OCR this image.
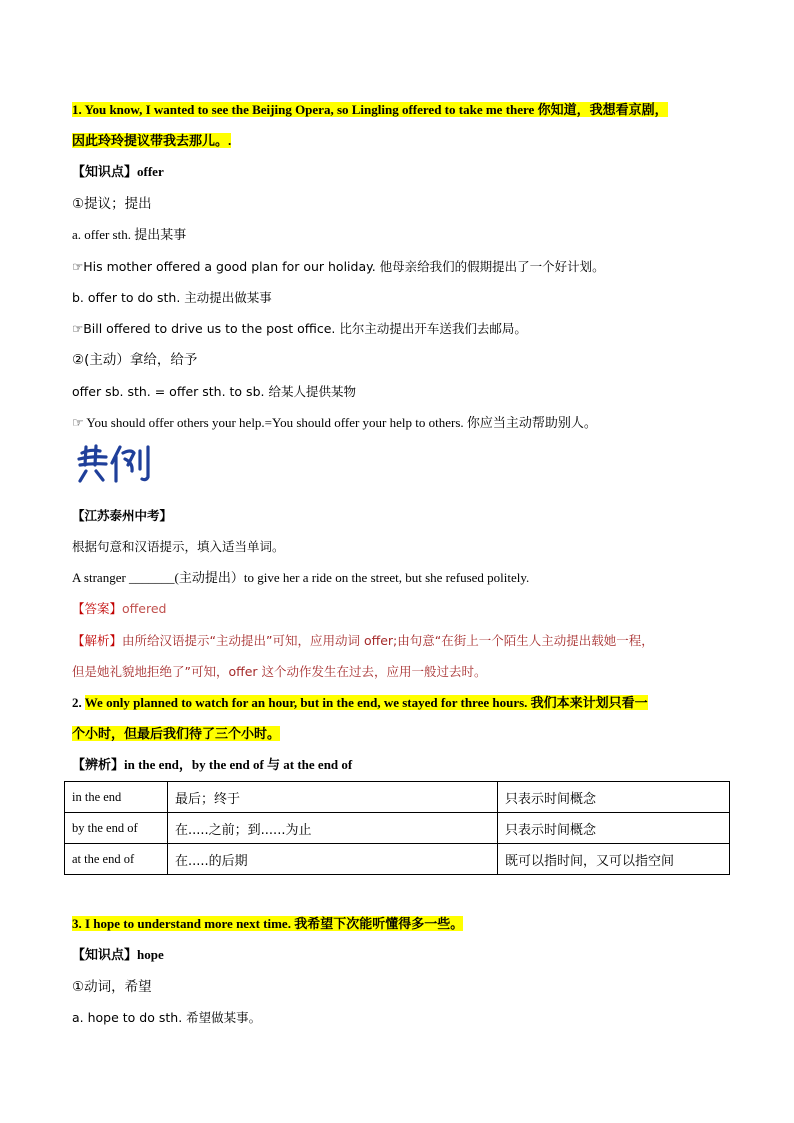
1. You know, I wanted to see the Beijing Opera, so Lingling offered to take me there 你知道，我想看京剧，
因此玲玲提议带我去那儿。.
【知识点】offer
①提议；提出
a. offer sth. 提出某事
☞His mother offered a good plan for our holiday. 他母亲给我们的假期提出了一个好计划。
b. offer to do sth. 主动提出做某事
☞Bill offered to drive us to the post office. 比尔主动提出开车送我们去邮局。
②(主动）拿给，给予
offer sb. sth. = offer sth. to sb. 给某人提供某物
☞ You should offer others your help.=You should offer your help to others. 你应当主动帮助别人。
【江苏泰州中考】
根据句意和汉语提示，填入适当单词。
A stranger _______(主动提出）to give her a ride on the street, but she refused politely.
【答案】offered
【解析】由所给汉语提示“主动提出”可知，应用动词 offer;由句意“在街上一个陌生人主动提出载她一程，
但是她礼貌地拒绝了”可知，offer 这个动作发生在过去，应用一般过去时。
2. We only planned to watch for an hour, but in the end, we stayed for three hours. 我们本来计划只看一
个小时，但最后我们待了三个小时。
【辨析】in the end，by the end of 与 at the end of
in the end	最后；终于	只表示时间概念
by the end of	在.....之前；到......为止	只表示时间概念
at the end of	在.....的后期	既可以指时间，又可以指空间
3. I hope to understand more next time. 我希望下次能听懂得多一些。
【知识点】hope
①动词，希望
a. hope to do sth. 希望做某事。
